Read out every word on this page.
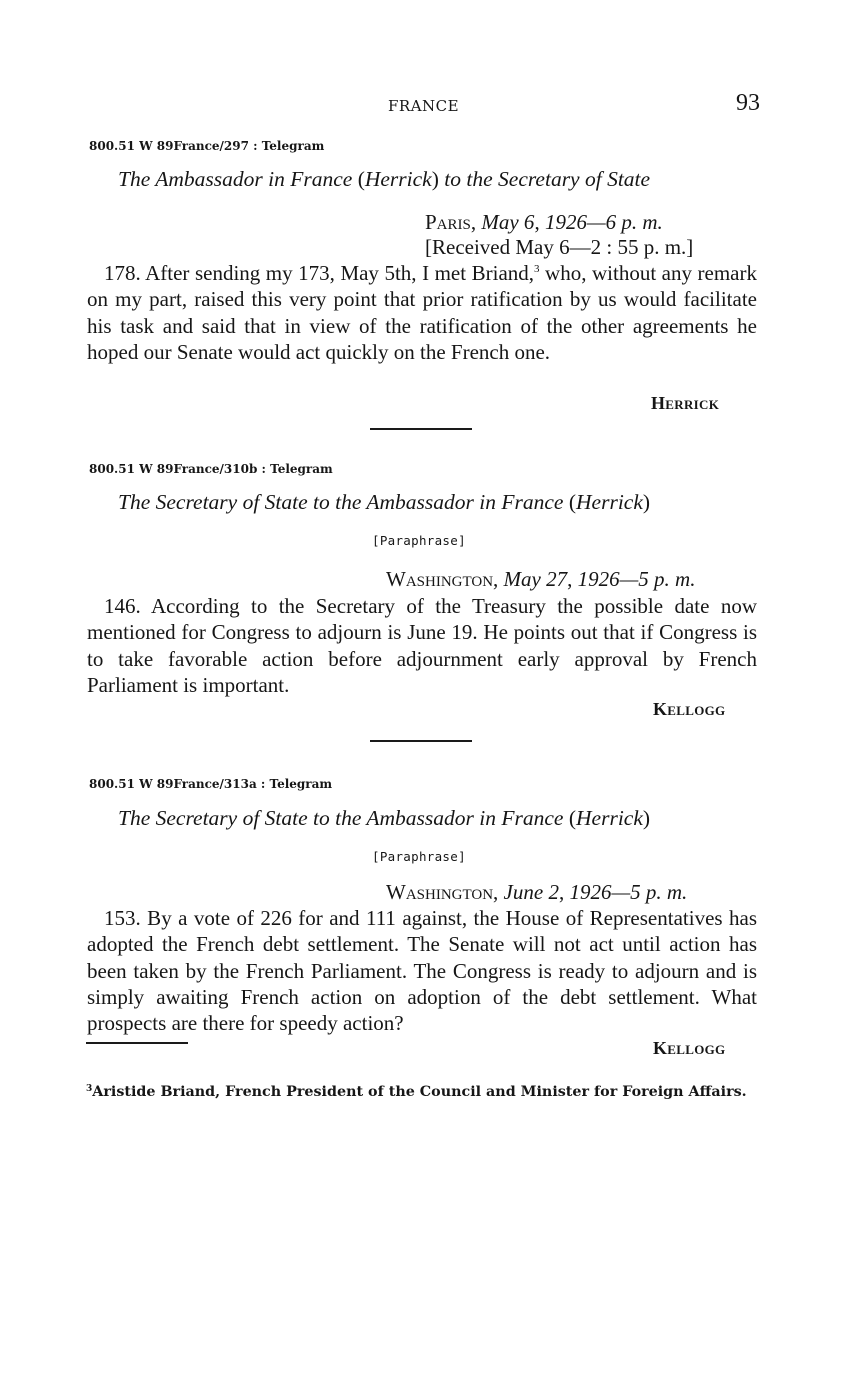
FRANCE	93
800.51 W 89France/297 : Telegram
The Ambassador in France (Herrick) to the Secretary of State
Paris, May 6, 1926—6 p. m.
[Received May 6—2 : 55 p. m.]

178. After sending my 173, May 5th, I met Briand,$^3$ who, without any remark on my part, raised this very point that prior ratification by us would facilitate his task and said that in view of the ratification of the other agreements he hoped our Senate would act quickly on the French one.

Herrick
800.51 W 89France/310b : Telegram
The Secretary of State to the Ambassador in France (Herrick)
[Paraphrase]
Washington, May 27, 1926—5 p. m.

146. According to the Secretary of the Treasury the possible date now mentioned for Congress to adjourn is June 19. He points out that if Congress is to take favorable action before adjournment early approval by French Parliament is important.

Kellogg
800.51 W 89France/313a : Telegram
The Secretary of State to the Ambassador in France (Herrick)
[Paraphrase]
Washington, June 2, 1926—5 p. m.

153. By a vote of 226 for and 111 against, the House of Representatives has adopted the French debt settlement. The Senate will not act until action has been taken by the French Parliament. The Congress is ready to adjourn and is simply awaiting French action on adoption of the debt settlement. What prospects are there for speedy action?

Kellogg

$^3$Aristide Briand, French President of the Council and Minister for Foreign Affairs.
